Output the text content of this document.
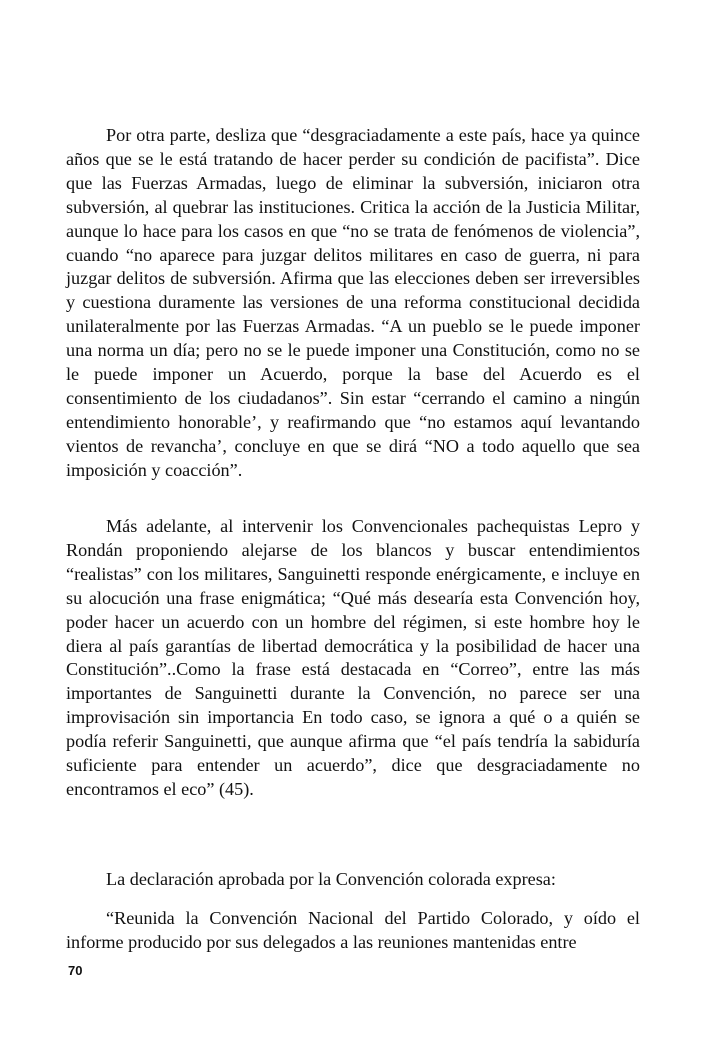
Por otra parte, desliza que “desgraciadamente a este país, hace ya quince años que se le está tratando de hacer perder su condición de pacifista”. Dice que las Fuerzas Armadas, luego de eliminar la subversión, iniciaron otra subversión, al quebrar las instituciones. Critica la acción de la Justicia Militar, aunque lo hace para los casos en que “no se trata de fenómenos de violencia”, cuando “no aparece para juzgar delitos militares en caso de guerra, ni para juzgar delitos de subversión. Afirma que las elecciones deben ser irreversibles y cuestiona duramente las versiones de una reforma constitucional decidida unilateralmente por las Fuerzas Armadas. “A un pueblo se le puede imponer una norma un día; pero no se le puede imponer una Constitución, como no se le puede imponer un Acuerdo, porque la base del Acuerdo es el consentimiento de los ciudadanos”. Sin estar “cerrando el camino a ningún entendimiento honorable’, y reafirmando que “no estamos aquí levantando vientos de revancha’, concluye en que se dirá “NO a todo aquello que sea imposición y coacción”.

Más adelante, al intervenir los Convencionales pachequistas Lepro y Rondán proponiendo alejarse de los blancos y buscar entendimientos “realistas” con los militares, Sanguinetti responde enérgicamente, e incluye en su alocución una frase enigmática; “Qué más desearía esta Convención hoy, poder hacer un acuerdo con un hombre del régimen, si este hombre hoy le diera al país garantías de libertad democrática y la posibilidad de hacer una Constitución”..Como la frase está destacada en “Correo”, entre las más importantes de Sanguinetti durante la Convención, no parece ser una improvisación sin importancia En todo caso, se ignora a qué o a quién se podía referir Sanguinetti, que aunque afirma que “el país tendría la sabiduría suficiente para entender un acuerdo”, dice que desgraciadamente no encontramos el eco” (45).

La declaración aprobada por la Convención colorada expresa:

“Reunida la Convención Nacional del Partido Colorado, y oído el informe producido por sus delegados a las reuniones mantenidas entre

70
